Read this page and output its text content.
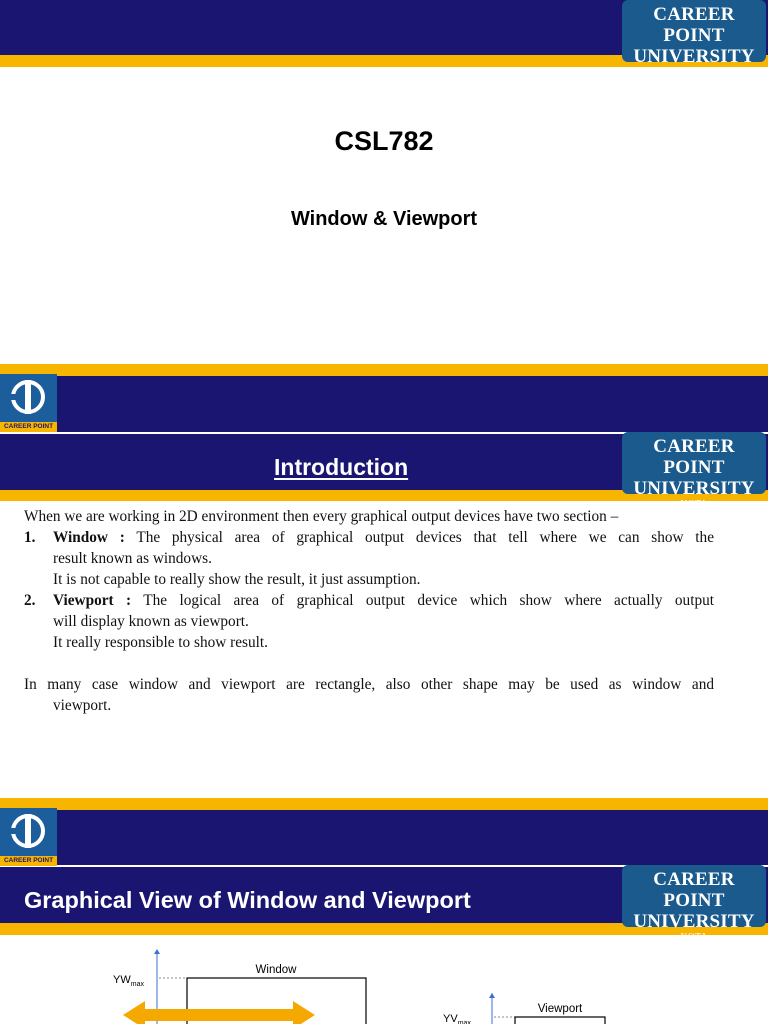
CAREER POINT
UNIVERSITY
KOTA
CSL782
Window & Viewport
CAREER POINT
CAREER POINT
UNIVERSITY
KOTA
Introduction
When we are working in 2D environment then every graphical output devices have two section –
1. Window : The physical area of graphical output devices that tell where we can show the
result known as windows.
It is not capable to really show the result, it just assumption.
2. Viewport : The logical area of graphical output device which show where actually output
will display known as viewport.
It really responsible to show result.
In many case window and viewport are rectangle, also other shape may be used as window and
viewport.
CAREER POINT
CAREER POINT
UNIVERSITY
KOTA
Graphical View of Window and Viewport
Window
$YW_{max}$
Viewport
$YV_{max}$
